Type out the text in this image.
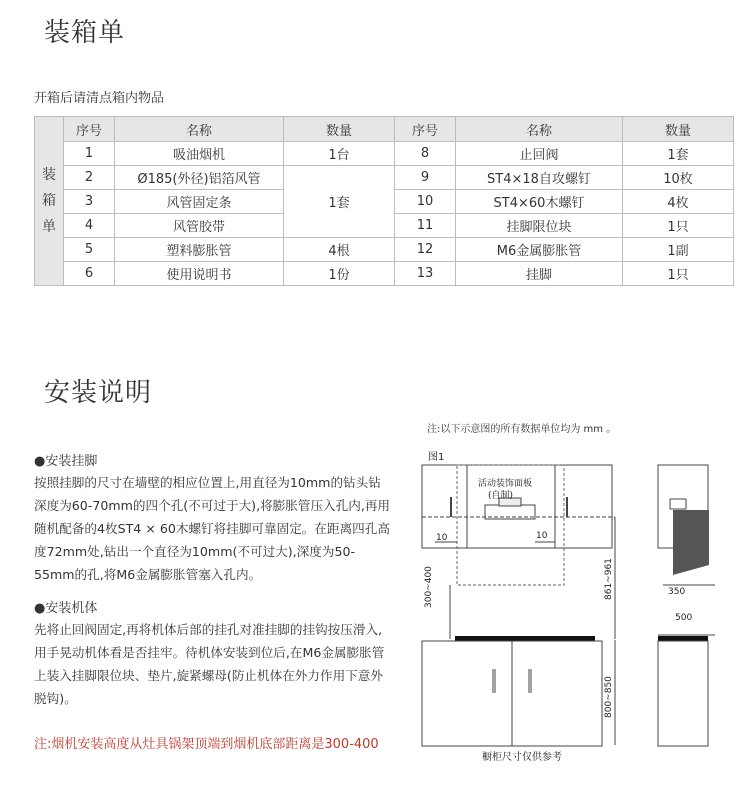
装箱单
开箱后请清点箱内物品
装
箱
单	序号	名称	数量	序号	名称	数量
	1	吸油烟机	1台	8	止回阀	1套
	2	Ø185(外径)铝箔风管	1套	9	ST4×18自攻螺钉	10枚
	3	风管固定条		10	ST4×60木螺钉	4枚
	4	风管胶带		11	挂脚限位块	1只
	5	塑料膨胀管	4根	12	M6金属膨胀管	1副
	6	使用说明书	1份	13	挂脚	1只
安装说明
●安装挂脚
按照挂脚的尺寸在墙壁的相应位置上,用直径为10mm的钻头钻深度为60-70mm的四个孔(不可过于大),将膨胀管压入孔内,再用随机配备的4枚ST4 × 60木螺钉将挂脚可靠固定。在距离四孔高度72mm处,钻出一个直径为10mm(不可过大),深度为50-55mm的孔,将M6金属膨胀管塞入孔内。
●安装机体
先将止回阀固定,再将机体后部的挂孔对准挂脚的挂钩按压滑入,用手晃动机体看是否挂牢。待机体安装到位后,在M6金属膨胀管上装入挂脚限位块、垫片,旋紧螺母(防止机体在外力作用下意外脱钩)。
注:烟机安装高度从灶具锅架顶端到烟机底部距离是300-400
注:以下示意图的所有数据单位均为 mm 。
图1
活动装饰面板
(自制)
10	10
300~400	861~961
800~850
350
500
橱柜尺寸仅供参考
